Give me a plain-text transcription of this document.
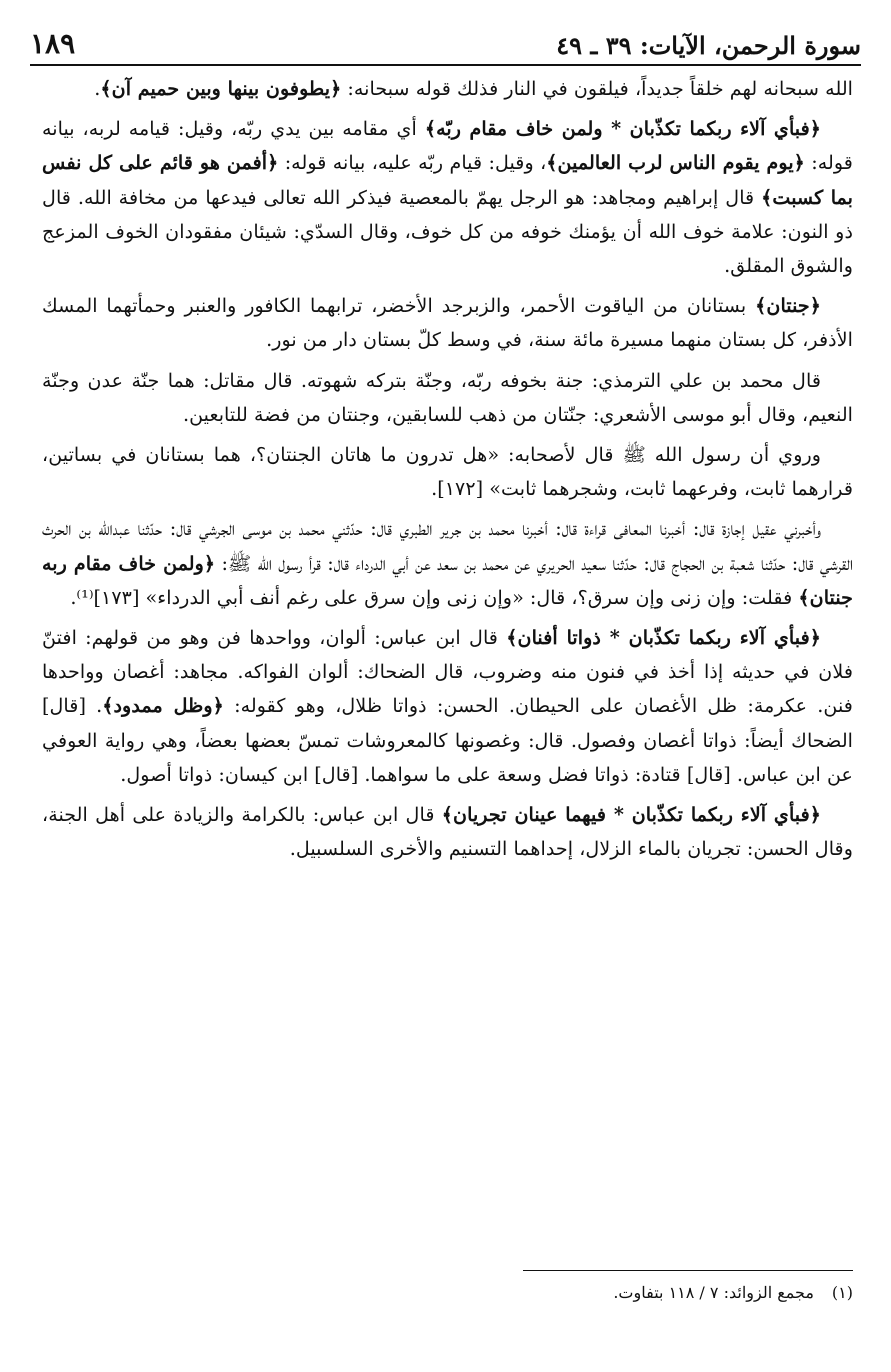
سورة الرحمن، الآيات: ٣٩ ـ ٤٩
١٨٩

الله سبحانه لهم خلقاً جديداً، فيلقون في النار فذلك قوله سبحانه: ﴿يطوفون بينها وبين حميم آن﴾.

﴿فبأي آلاء ربكما تكذّبان * ولمن خاف مقام ربّه﴾ أي مقامه بين يدي ربّه، وقيل: قيامه لربه، بيانه قوله: ﴿يوم يقوم الناس لرب العالمين﴾، وقيل: قيام ربّه عليه، بيانه قوله: ﴿أفمن هو قائم على كل نفس بما كسبت﴾ قال إبراهيم ومجاهد: هو الرجل يهمّ بالمعصية فيذكر الله تعالى فيدعها من مخافة الله. قال ذو النون: علامة خوف الله أن يؤمنك خوفه من كل خوف، وقال السدّي: شيئان مفقودان الخوف المزعج والشوق المقلق.

﴿جنتان﴾ بستانان من الياقوت الأحمر، والزبرجد الأخضر، ترابهما الكافور والعنبر وحمأتهما المسك الأذفر، كل بستان منهما مسيرة مائة سنة، في وسط كلّ بستان دار من نور.

قال محمد بن علي الترمذي: جنة بخوفه ربّه، وجنّة بتركه شهوته. قال مقاتل: هما جنّة عدن وجنّة النعيم، وقال أبو موسى الأشعري: جنّتان من ذهب للسابقين، وجنتان من فضة للتابعين.

وروي أن رسول الله ﷺ قال لأصحابه: «هل تدرون ما هاتان الجنتان؟، هما بستانان في بساتين، قرارهما ثابت، وفرعهما ثابت، وشجرهما ثابت» [١٧٢].

وأخبرني عقيل إجازة قال: أخبرنا المعافى قراءة قال: أخبرنا محمد بن جرير الطبري قال: حدّثني محمد بن موسى الجرشي قال: حدّثنا عبدالله بن الحرث القرشي قال: حدّثنا شعبة بن الحجاج قال: حدّثنا سعيد الحريري عن محمد بن سعد عن أبي الدرداء قال: قرأ رسول الله ﷺ: ﴿ولمن خاف مقام ربه جنتان﴾ فقلت: وإن زنى وإن سرق؟، قال: «وإن زنى وإن سرق على رغم أنف أبي الدرداء» [١٧٣]⁽¹⁾.

﴿فبأي آلاء ربكما تكذّبان * ذواتا أفنان﴾ قال ابن عباس: ألوان، وواحدها فن وهو من قولهم: افتنّ فلان في حديثه إذا أخذ في فنون منه وضروب، قال الضحاك: ألوان الفواكه. مجاهد: أغصان وواحدها فنن. عكرمة: ظل الأغصان على الحيطان. الحسن: ذواتا ظلال، وهو كقوله: ﴿وظل ممدود﴾. [قال] الضحاك أيضاً: ذواتا أغصان وفصول. قال: وغصونها كالمعروشات تمسّ بعضها بعضاً، وهي رواية العوفي عن ابن عباس. [قال] قتادة: ذواتا فضل وسعة على ما سواهما. [قال] ابن كيسان: ذواتا أصول.

﴿فبأي آلاء ربكما تكذّبان * فيهما عينان تجريان﴾ قال ابن عباس: بالكرامة والزيادة على أهل الجنة، وقال الحسن: تجريان بالماء الزلال، إحداهما التسنيم والأخرى السلسبيل.

(١)مجمع الزوائد: ٧ / ١١٨ بتفاوت.
